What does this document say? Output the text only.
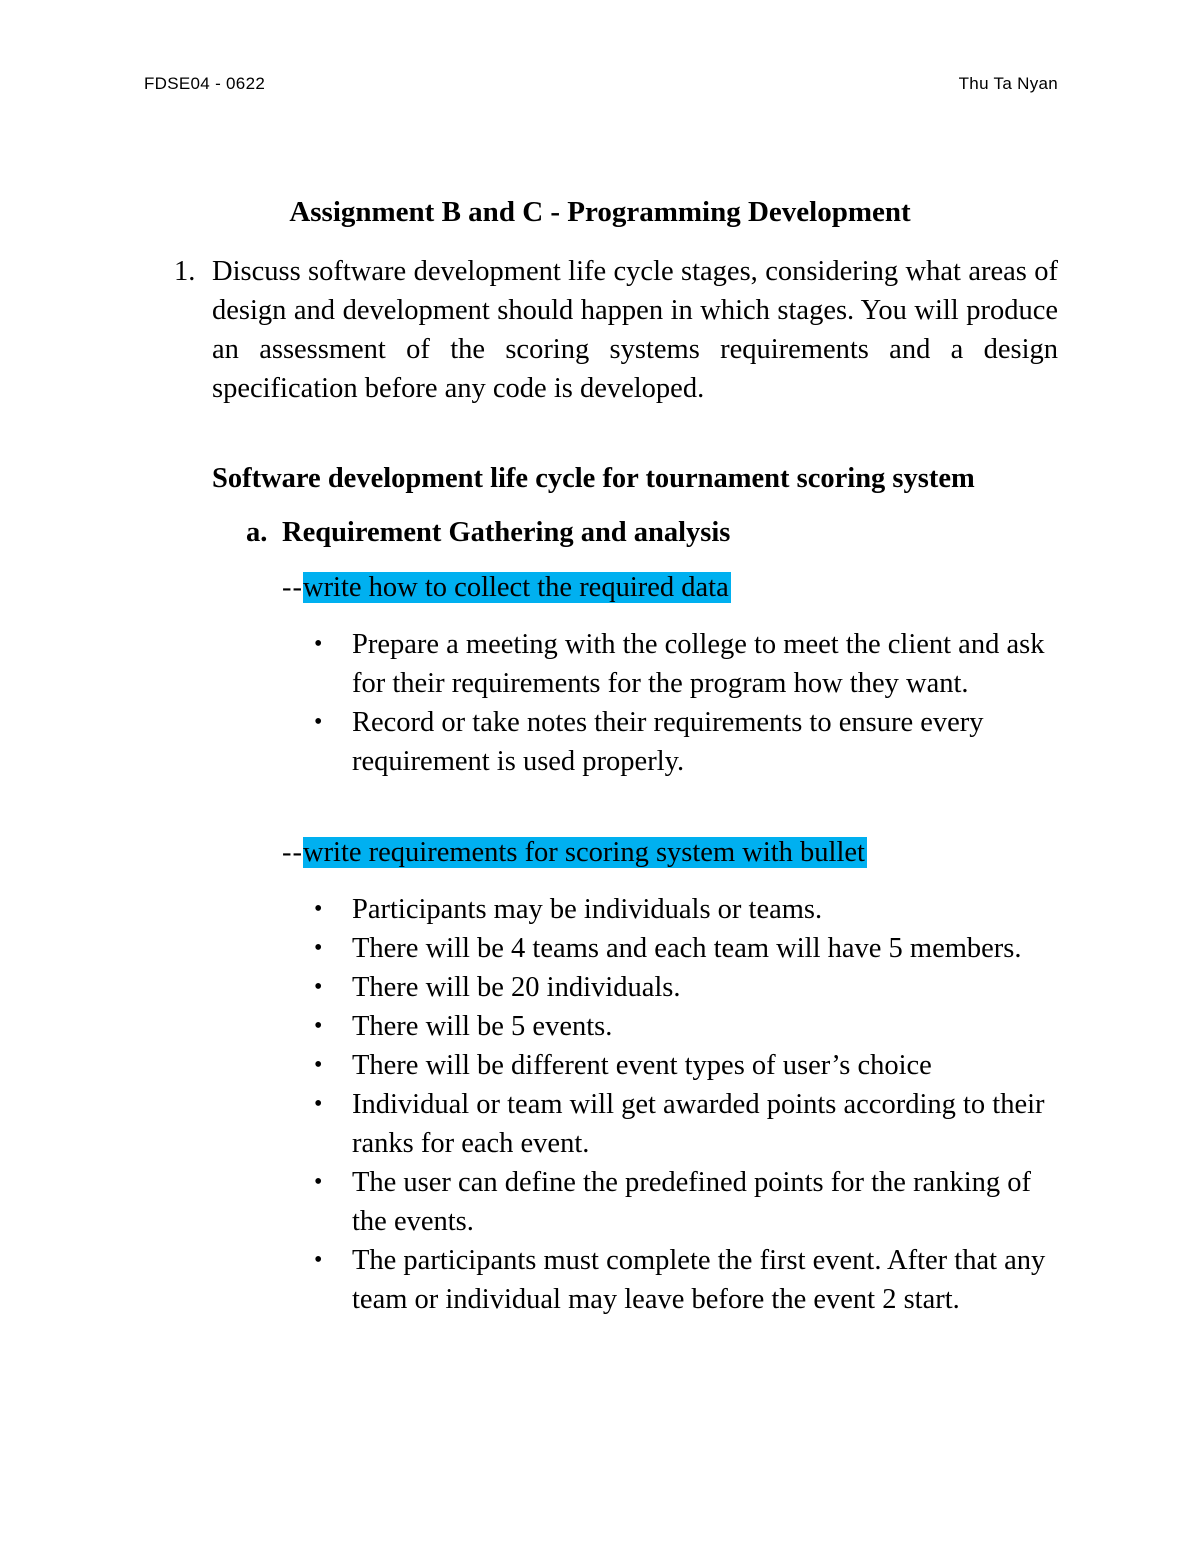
FDSE04 - 0622	Thu Ta Nyan
Assignment B and C - Programming Development
1. Discuss software development life cycle stages, considering what areas of design and development should happen in which stages. You will produce an assessment of the scoring systems requirements and a design specification before any code is developed.
Software development life cycle for tournament scoring system
a. Requirement Gathering and analysis
--write how to collect the required data
• Prepare a meeting with the college to meet the client and ask for their requirements for the program how they want.
• Record or take notes their requirements to ensure every requirement is used properly.
--write requirements for scoring system with bullet
• Participants may be individuals or teams.
• There will be 4 teams and each team will have 5 members.
• There will be 20 individuals.
• There will be 5 events.
• There will be different event types of user’s choice
• Individual or team will get awarded points according to their ranks for each event.
• The user can define the predefined points for the ranking of the events.
• The participants must complete the first event. After that any team or individual may leave before the event 2 start.
